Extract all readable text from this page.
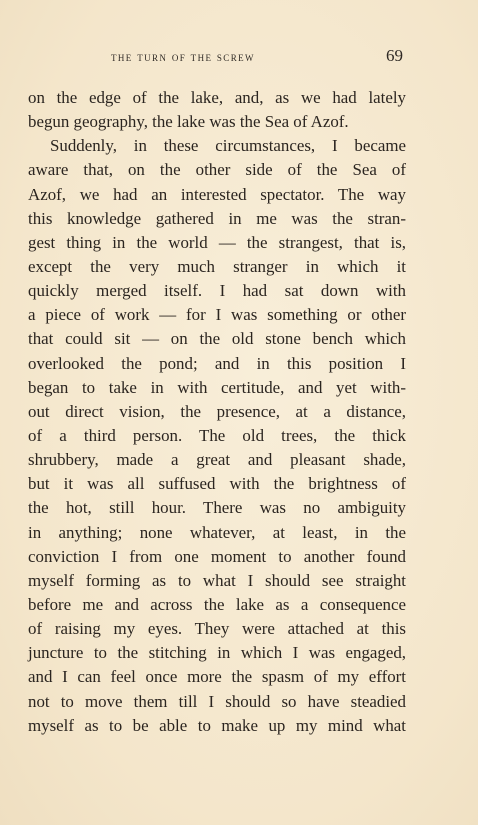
the turn of the screw	69
on the edge of the lake, and, as we had lately
begun geography, the lake was the Sea of Azof.
Suddenly, in these circumstances, I became
aware that, on the other side of the Sea of
Azof, we had an interested spectator. The way
this knowledge gathered in me was the stran-
gest thing in the world — the strangest, that is,
except the very much stranger in which it
quickly merged itself. I had sat down with
a piece of work — for I was something or other
that could sit — on the old stone bench which
overlooked the pond; and in this position I
began to take in with certitude, and yet with-
out direct vision, the presence, at a distance,
of a third person. The old trees, the thick
shrubbery, made a great and pleasant shade,
but it was all suffused with the brightness of
the hot, still hour. There was no ambiguity
in anything; none whatever, at least, in the
conviction I from one moment to another found
myself forming as to what I should see straight
before me and across the lake as a consequence
of raising my eyes. They were attached at this
juncture to the stitching in which I was engaged,
and I can feel once more the spasm of my effort
not to move them till I should so have steadied
myself as to be able to make up my mind what
